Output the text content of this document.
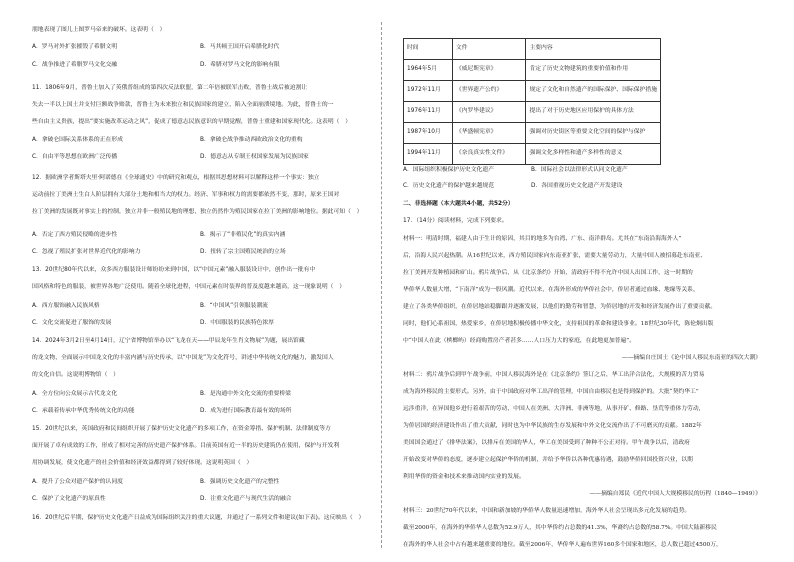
朋地表现了图儿上图罗马帝来的破坏。这表明（　）
A．罗马对外扩张摧毁了希腊文明	B．马其顿王国开启希腊化时代
C．战争推进了希腊罗马文化交融	D．希腊对罗马文化的影响有限
11．1806年9月，普鲁士加入了英俄普组成的第四次反法联盟，第二年倍被联军击败，普鲁士战后被迫割让
失去一半以上国土并支付巨额战争赔款，普鲁士为未来独立和民族国家的建立，陷入全面崩溃境地。为此，普鲁士的一
些自由主义贵族，提出“要实施改革运动之风”，促成了德意志民族意识的早期觉醒，普鲁士重建和国家现代化。这表明（　）
A．拿破仑国际关系体系的正在形成	B．拿破仑战争推动西欧政治文化的重构
C．自由平等思想在欧洲广泛传播	D．德意志从专制王权国家发展为民族国家
12．据欧洲学者斯塔夫里·阿诺德在《全球通史》中的研究和观点，根据其思想材料可以解释这样一个事实：独立
运动前拉丁美洲土生白人阶层拥有大部分土地和相当大的权力。经济、军事和权力的需要都依然不变，那时，原来王国对
拉丁美洲的发展既对事实上的控制，独立并非一般殖民地的理想，独立仍然作为殖民国家在拉丁美洲的影响地位。据此可知（　）
A．否定了西方殖民侵略的进步性	B．揭示了“非殖民化”的真实内涵
C．忽视了殖民扩张对世界近代化的影响力	D．扭转了宗主国殖民统治的立场
13．20世纪80年代以来，众多西方服装设计师纷纷来到中国，以“中国元素”融入服装设计中，创作出一批有中
国风格和特色的服装，被世界各地广泛使用。随着全球化进程，中国元素在时装界的普及度越来越高，这一现象说明（　）
A．西方服饰融入民族风格	B．“中国风”引领服装潮流
C．文化交流促进了服饰的发展	D．中国服装的民族特色浓厚
14．2024年3月2日至4月14日，辽宁省博物馆举办以“飞龙在天——甲辰龙年生肖文物展”为题，展出馆藏
的龙文物，全面展示中国龙文化的丰富内涵与历史传承，以“中国龙”为文化符号，讲述中华传统文化的魅力，激发国人
的文化自信。这说明博物馆（　）
A．全方位向公众展示古代龙文化	B．是沟通中外文化交流的重要桥梁
C．承载着传承中华优秀传统文化的功能	D．成为进行国际教育最有效的场所
15．20世纪以来，英国政府和民间组织开展了保护历史文化遗产的多项工作，在资金筹措、保护机制、法律制度等方
面开展了卓有成效的工作，形成了相对完善的历史遗产保护体系。目前英国有近一半的历史建筑仍在使用，保护与开发利
用协调发展，使文化遗产的社会价值和经济效益都得到了较好体现。这说明英国（　）
A．提升了公众对遗产保护的认同度	B．强调历史文化遗产的完整性
C．保护了文化遗产的原真性	D．注重文化遗产与现代生活的融合
16．20世纪后半期，保护历史文化遗产日益成为国际组织关注的重大议题，并通过了一系列文件和建议(如下表)。这反映出（　）
时间	文件	主要内容
1964年5月	《威尼斯宪章》	肯定了历史文物建筑的重要价值和作用
1972年11月	《世界遗产公约》	规定了文化和自然遗产的国际保护、国际保护措施
1976年11月	《内罗毕建议》	提出了对于历史地区应用保护的具体方法
1987年10月	《华盛顿宪章》	强调对历史街区等重要文化空间的保护与保护
1994年11月	《奈良真实性文件》	强调文化多样性和遗产多样性的意义
A．国际组织积极保护历史文化遗产	B．国际社会以法律形式认同文化遗产
C．历史文化遗产的保护越来越规范	D．各国重视历史文化遗产开发建设
二、非选择题（本大题共4小题，共52分）
17．（14分）阅读材料，完成下列要求。
材料一：明清时期，福建人由于生计的原因，其目的地多为台湾、广东、南洋群岛。尤其在“东南沿海海外人”
后，沿海人民兴起热潮。从16世纪以来，西方殖民国家向东南亚扩张，需要大量劳动力，大量中国人被招募赴东南亚、
拉丁美洲开发种植园和矿山。鸦片战争后，从《北京条约》开始，清政府不得不允许中国人出国工作，这一时期的
华侨华人数量大增，“下南洋”成为一股风潮。近代以来，在海外形成的华侨社会中，侨居者通过血缘、地缘等关系，
建立了各类华侨组织，在侨居地站稳脚跟并逐渐发展，以他们的勤劳和智慧，为侨居地的开发和经济发展作出了重要贡献。
同时，他们心系祖国，热爱家乡，在侨居地积极传播中华文化，支持祖国的革命和建设事业。18世纪30年代，陈伦炯出版
中“中国人在此（槟榔屿）经商购置房产者甚多……人口压力大的家庭，在此地更加普遍”。
——摘编自庄国土《论中国人移民东南亚的四次大潮》
材料二：鸦片战争后到甲午战争前，中国人移民海外是在《北京条约》签订之后，华工出洋合法化，大规模的苦力贸易
成为海外移民的主要形式。另外，由于中国政府对华工出洋的管理，中国自由移民也是得到保护的。大批“契约华工”
远涉重洋，在异国他乡进行着艰苦的劳动，中国人在美洲、大洋洲、非洲等地，从事开矿、修路、垦荒等重体力劳动，
为侨居国的经济建设作出了重大贡献，同时也为中华民族的生存发展和中外文化交流作出了不可磨灭的贡献。1882年
美国国会通过了《排华法案》，以排斥在美国的华人，华工在美国受到了种种不公正对待。甲午战争以后，清政府
开始改变对华侨的态度，逐步建立起保护华侨的机制，并给予华侨以各种优惠待遇，鼓励华侨回国投资兴业，以期
利用华侨的资金和技术来推动国内实业的发展。
——摘编自郑民《近代中国人大规模移民的历程（1840—1949）》
材料三：20世纪70年代以来，中国和新加坡的华侨华人数量迅速增加，海外华人社会呈现出多元化发展的趋势。
截至2000年，在海外的华侨华人总数为52.9万人，其中华侨约占总数的41.3%，华裔约占总数的58.7%。中国大陆新移民
在海外的华人社会中占有越来越重要的地位。截至2006年，华侨华人遍布世界160多个国家和地区，总人数已超过4500万，
